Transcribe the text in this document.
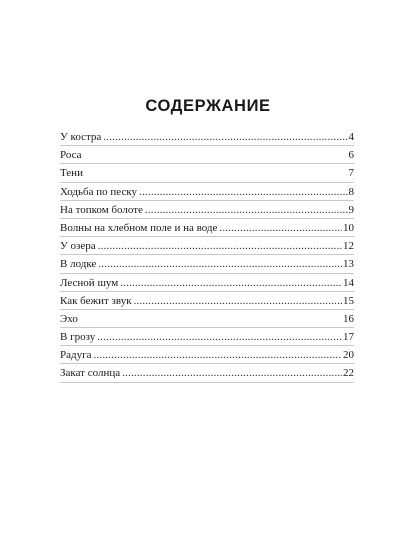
СОДЕРЖАНИЕ
У костра .....	4
Роса	6
Тени	7
Ходьба по песку .....	8
На топком болоте .....	9
Волны на хлебном поле и на воде .....	10
У озера .....	12
В лодке .....	13
Лесной шум .....	14
Как бежит звук .....	15
Эхо	16
В грозу .....	17
Радуга .....	20
Закат солнца .....	22
